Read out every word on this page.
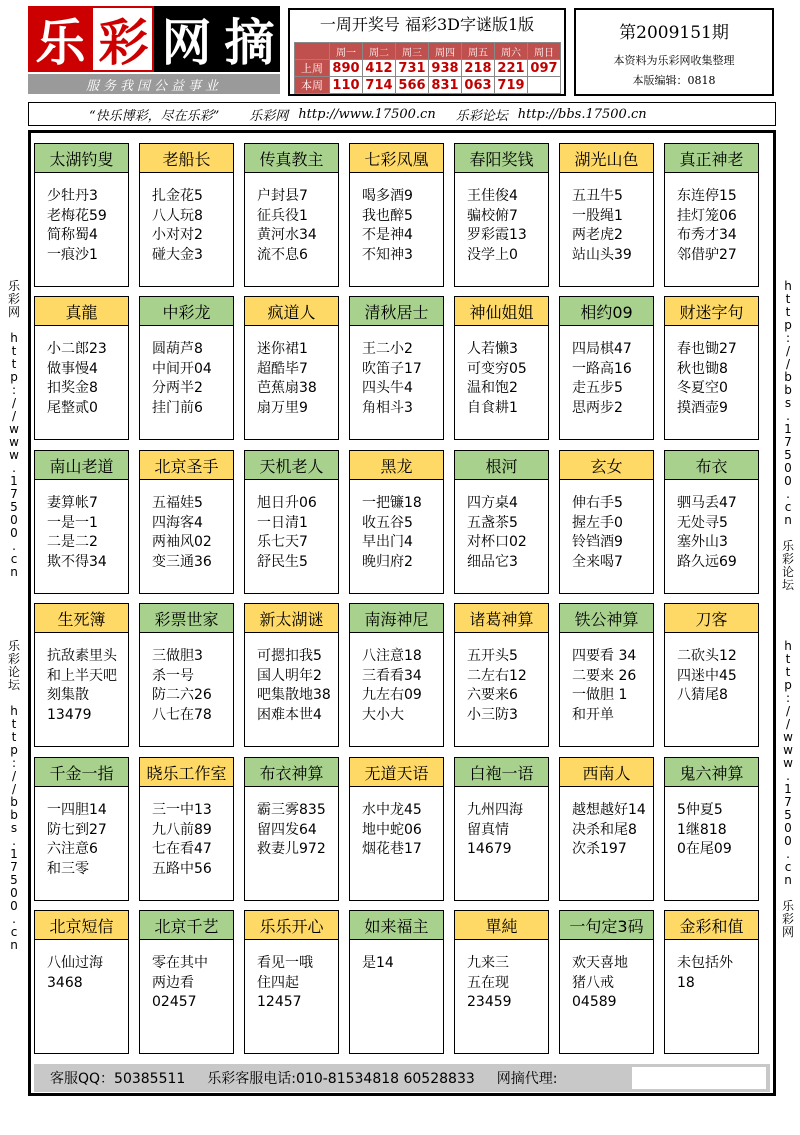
乐 彩 网 摘
服务我国公益事业
一周开奖号 福彩3D字谜版1版
	周一	周二	周三	周四	周五	周六	周日
上周	890	412	731	938	218	221	097
本周	110	714	566	831	063	719	
第2009151期
本资料为乐彩网收集整理
本版编辑：0818
“快乐博彩，尽在乐彩” 乐彩网 http://www.17500.cn 乐彩论坛 http://bbs.17500.cn
乐
彩
网

h
t
t
p
:
/
/
w
w
w
.
1
7
5
0
0
.
c
n
乐
彩
论
坛

h
t
t
p
:
/
/
b
b
s
.
1
7
5
0
0
.
c
n
h
t
t
p
:
/
/
b
b
s
.
1
7
5
0
0
.
c
n

乐
彩
论
坛
h
t
t
p
:
/
/
w
w
w
.
1
7
5
0
0
.
c
n

乐
彩
网
太湖钓叟
少牡丹3
老梅花59
简称蜀4
一痕沙1
老船长
扎金花5
八人玩8
小对对2
碰大金3
传真教主
户封县7
征兵役1
黄河水34
流不息6
七彩凤凰
喝多酒9
我也醉5
不是神4
不知神3
春阳奖钱
王佳俊4
骗校俯7
罗彩霞13
没学上0
湖光山色
五丑牛5
一股绳1
两老虎2
站山头39
真正神老
东连停15
挂灯笼06
布秀才34
邻借驴27
真龍
小二郎23
做事慢4
扣奖金8
尾整贰0
中彩龙
圆葫芦8
中间开04
分两半2
挂门前6
疯道人
迷你裙1
超酷毕7
芭蕉扇38
扇万里9
清秋居士
王二小2
吹笛子17
四头牛4
角相斗3
神仙姐姐
人若懒3
可变穷05
温和饱2
自食耕1
相约09
四局棋47
一路高16
走五步5
思两步2
财迷字句
春也锄27
秋也锄8
冬夏空0
摸酒壶9
南山老道
妻算帐7
一是一1
二是二2
欺不得34
北京圣手
五福娃5
四海客4
两袖风02
变三通36
天机老人
旭日升06
一日清1
乐七天7
舒民生5
黑龙
一把镰18
收五谷5
早出门4
晚归府2
根河
四方桌4
五盏茶5
对杯口02
细品它3
玄女
伸右手5
握左手0
铃铛酒9
全来喝7
布衣
驷马丢47
无处寻5
塞外山3
路久远69
生死簿
抗敌素里头
和上半天吧
刻集散
13479
彩票世家
三做胆3
杀一号
防二六26
八七在78
新太湖谜
可摁扣我5
国人明年2
吧集散地38
困难本世4
南海神尼
八注意18
三看看34
九左右09
大小大
诸葛神算
五开头5
二左右12
六要来6
小三防3
铁公神算
四要看 34
二要来 26
一做胆 1
和开单
刀客
二砍头12
四迷中45
八猜尾8
千金一指
一四胆14
防七到27
六注意6
和三零
晓乐工作室
三一中13
九八前89
七在看47
五路中56
布衣神算
霸三雾835
留四发64
救妻儿972
无道天语
水中龙45
地中蛇06
烟花巷17
白袍一语
九州四海
留真情
14679
西南人
越想越好14
决杀和尾8
次杀197
鬼六神算
5仲夏5
1继818
0在尾09
北京短信
八仙过海
3468
北京千艺
零在其中
两边看
02457
乐乐开心
看见一哦
住四起
12457
如来福主
是14
單純
九来三
五在现
23459
一句定3码
欢天喜地
猪八戒
04589
金彩和值
未包括外
18
客服QQ：50385511 乐彩客服电话:010-81534818 60528833 网摘代理:
